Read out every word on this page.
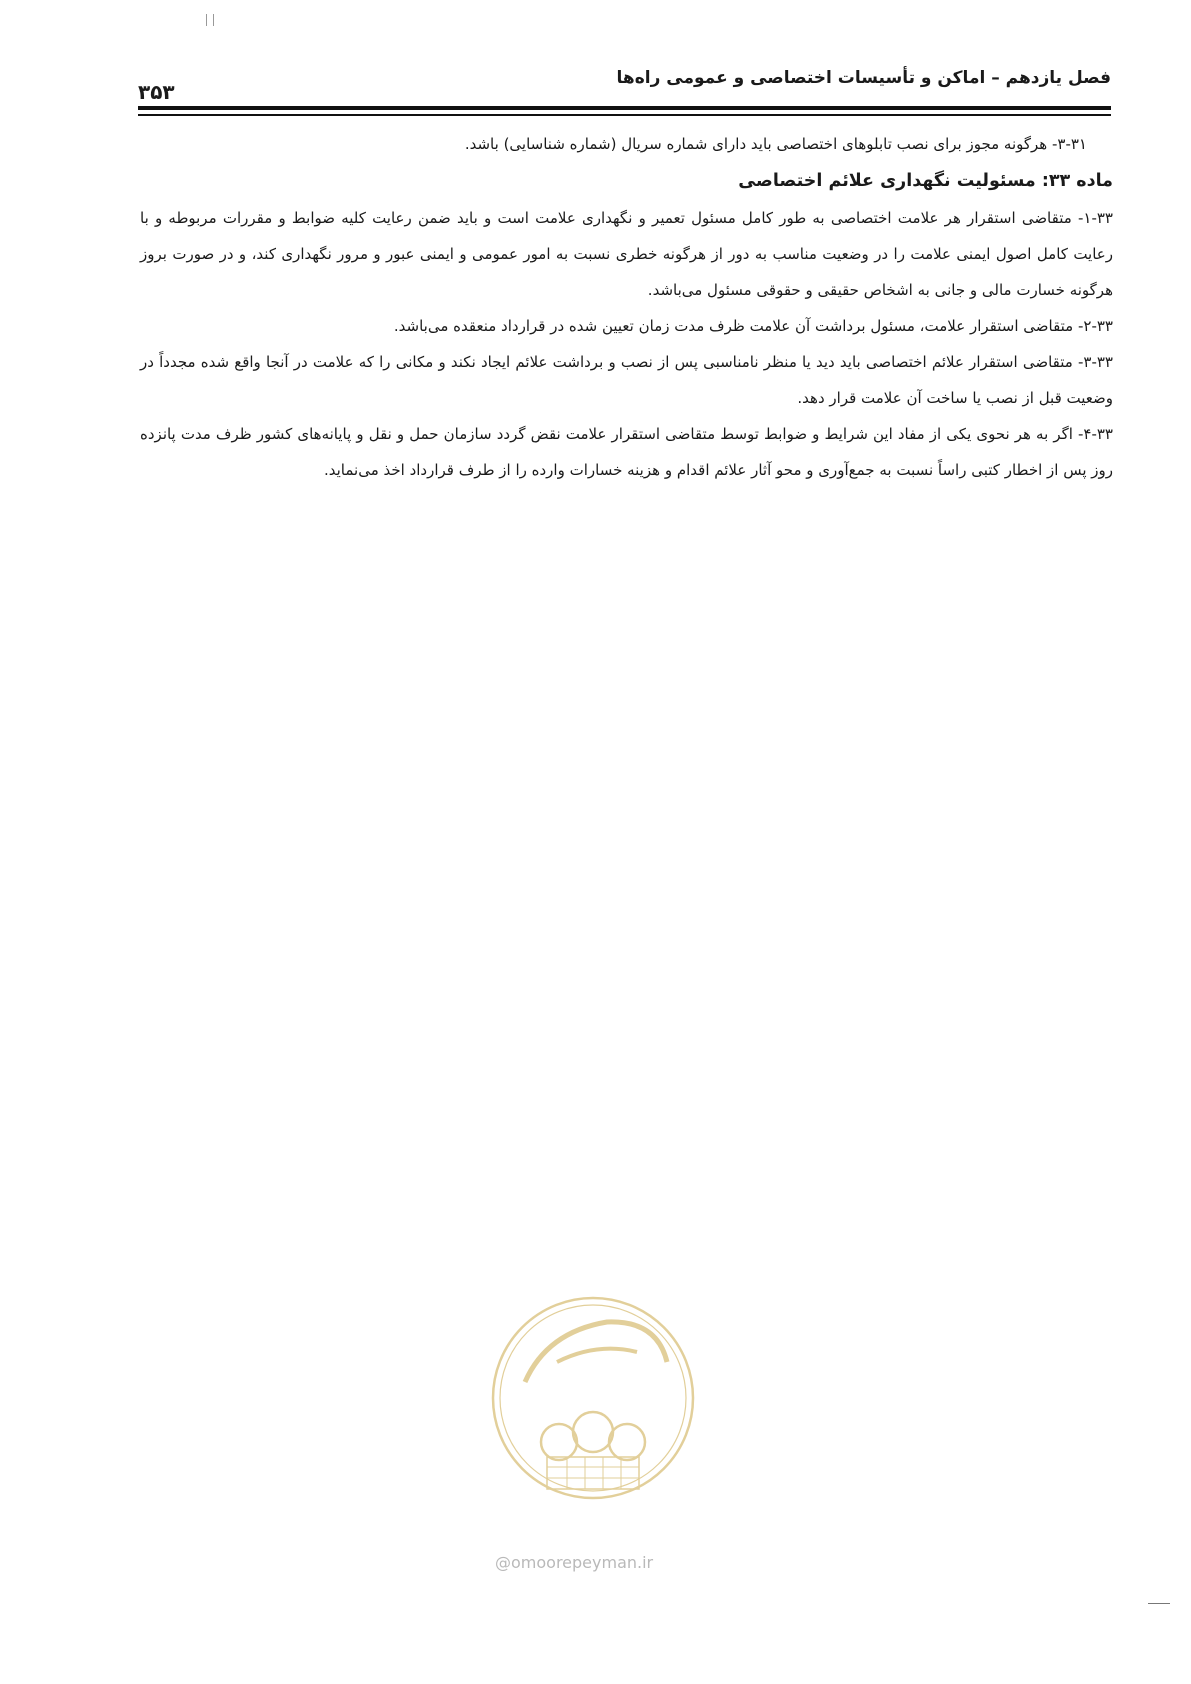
فصل یازدهم – اماکن و تأسیسات اختصاصی و عمومی راه‌ها
۳۵۳

۳-۳۱- هرگونه مجوز برای نصب تابلوهای اختصاصی باید دارای شماره سریال (شماره شناسایی) باشد.

ماده ۳۳: مسئولیت نگهداری علائم اختصاصی

۱-۳۳- متقاضی استقرار هر علامت اختصاصی به طور کامل مسئول تعمیر و نگهداری علامت است و باید ضمن رعایت کلیه ضوابط و مقررات مربوطه و با رعایت کامل اصول ایمنی علامت را در وضعیت مناسب به دور از هرگونه خطری نسبت به امور عمومی و ایمنی عبور و مرور نگهداری کند، و در صورت بروز هرگونه خسارت مالی و جانی به اشخاص حقیقی و حقوقی مسئول می‌باشد.

۲-۳۳- متقاضی استقرار علامت، مسئول برداشت آن علامت ظرف مدت زمان تعیین شده در قرارداد منعقده می‌باشد.

۳-۳۳- متقاضی استقرار علائم اختصاصی باید دید یا منظر نامناسبی پس از نصب و برداشت علائم ایجاد نکند و مکانی را که علامت در آنجا واقع شده مجدداً در وضعیت قبل از نصب یا ساخت آن علامت قرار دهد.

۴-۳۳- اگر به هر نحوی یکی از مفاد این شرایط و ضوابط توسط متقاضی استقرار علامت نقض گردد سازمان حمل و نقل و پایانه‌های کشور ظرف مدت پانزده روز پس از اخطار کتبی راساً نسبت به جمع‌آوری و محو آثار علائم اقدام و هزینه خسارات وارده را از طرف قرارداد اخذ می‌نماید.

@omoorepeyman.ir
